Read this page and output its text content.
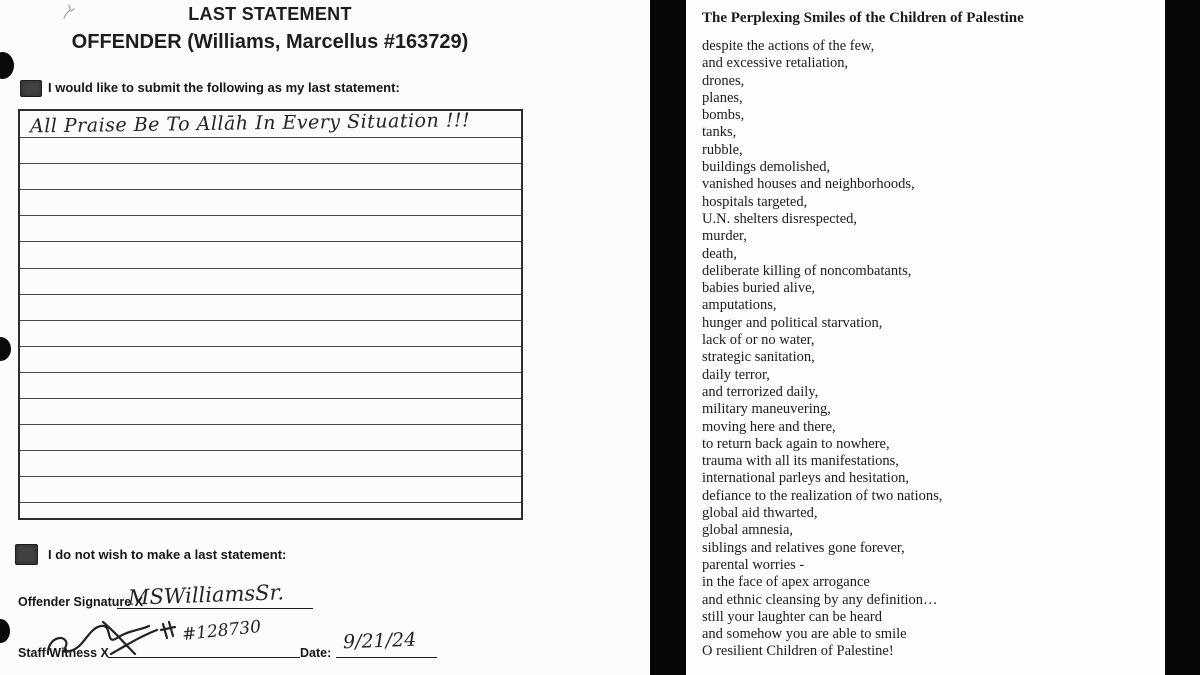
LAST STATEMENT
OFFENDER (Williams, Marcellus #163729)
I would like to submit the following as my last statement:
All Praise Be To Allāh In Every Situation !!!
I do not wish to make a last statement:
Offender Signature X
MSWilliamsSr.
Staff Witness X
#128730
Date: 9/21/24
The Perplexing Smiles of the Children of Palestine
despite the actions of the few,
and excessive retaliation,
drones,
planes,
bombs,
tanks,
rubble,
buildings demolished,
vanished houses and neighborhoods,
hospitals targeted,
U.N. shelters disrespected,
murder,
death,
deliberate killing of noncombatants,
babies buried alive,
amputations,
hunger and political starvation,
lack of or no water,
strategic sanitation,
daily terror,
and terrorized daily,
military maneuvering,
moving here and there,
to return back again to nowhere,
trauma with all its manifestations,
international parleys and hesitation,
defiance to the realization of two nations,
global aid thwarted,
global amnesia,
siblings and relatives gone forever,
parental worries -
in the face of apex arrogance
and ethnic cleansing by any definition…
still your laughter can be heard
and somehow you are able to smile
O resilient Children of Palestine!
